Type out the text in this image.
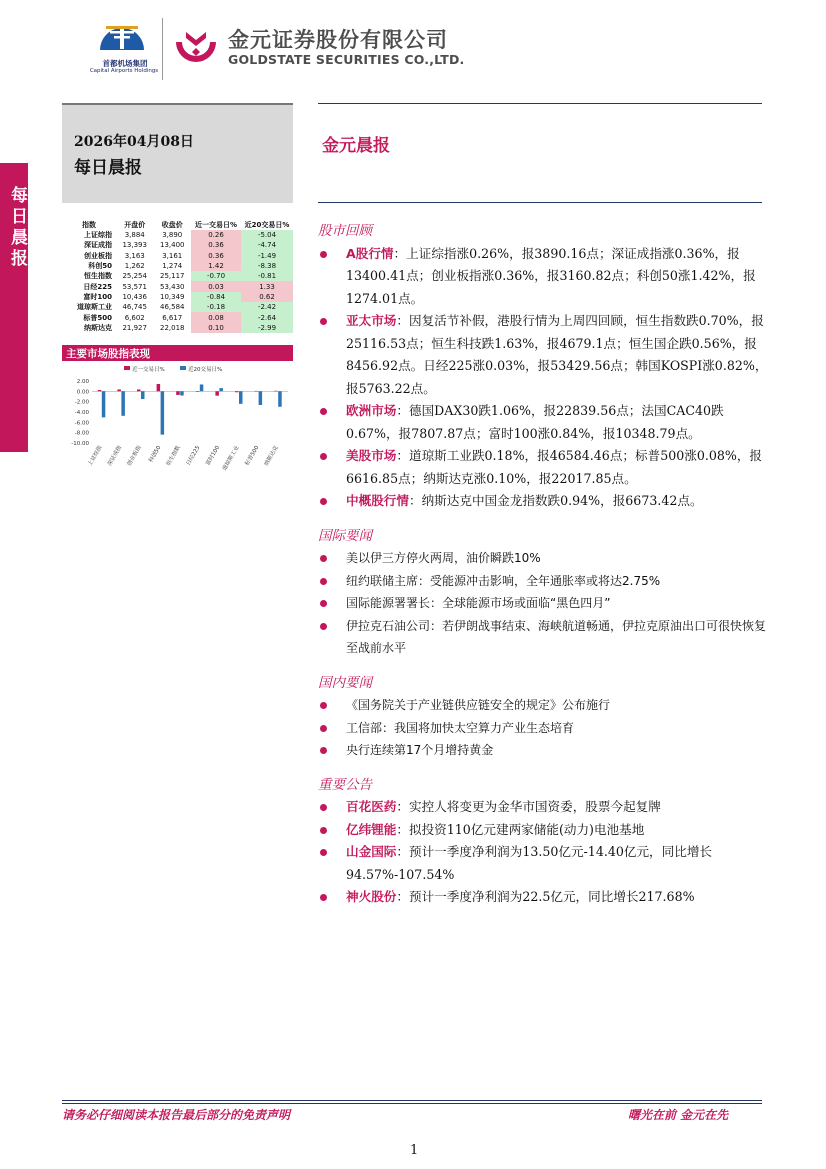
每日晨报
首都机场集团
Capital Airports Holdings
金元证券股份有限公司
GOLDSTATE SECURITIES CO.,LTD.
2026年04月08日
每日晨报
金元晨报
指数	开盘价	收盘价	近一交易日%	近20交易日%
上证综指	3,884	3,890	0.26	-5.04
深证成指	13,393	13,400	0.36	-4.74
创业板指	3,163	3,161	0.36	-1.49
科创50	1,262	1,274	1.42	-8.38
恒生指数	25,254	25,117	-0.70	-0.81
日经225	53,571	53,430	0.03	1.33
富时100	10,436	10,349	-0.84	0.62
道琼斯工业	46,745	46,584	-0.18	-2.42
标普500	6,602	6,617	0.08	-2.64
纳斯达克	21,927	22,018	0.10	-2.99
主要市场股指表现
近一交易日%	近20交易日%
2.00
0.00
-2.00
-4.00
-6.00
-8.00
-10.00
上证综指 深证成指 创业板指 科创50 恒生指数 日经225 富时100 道琼斯工业 标普500 纳斯达克
股市回顾
A股行情：上证综指涨0.26%，报3890.16点；深证成指涨0.36%，报13400.41点；创业板指涨0.36%，报3160.82点；科创50涨1.42%，报1274.01点。
亚太市场：因复活节补假，港股行情为上周四回顾，恒生指数跌0.70%，报25116.53点；恒生科技跌1.63%，报4679.1点；恒生国企跌0.56%，报8456.92点。日经225涨0.03%，报53429.56点；韩国KOSPI涨0.82%，报5763.22点。
欧洲市场：德国DAX30跌1.06%，报22839.56点；法国CAC40跌0.67%，报7807.87点；富时100涨0.84%，报10348.79点。
美股市场：道琼斯工业跌0.18%，报46584.46点；标普500涨0.08%，报6616.85点；纳斯达克涨0.10%，报22017.85点。
中概股行情：纳斯达克中国金龙指数跌0.94%，报6673.42点。
国际要闻
美以伊三方停火两周，油价瞬跌10%
纽约联储主席：受能源冲击影响，全年通胀率或将达2.75%
国际能源署署长：全球能源市场或面临“黑色四月”
伊拉克石油公司：若伊朗战事结束、海峡航道畅通，伊拉克原油出口可很快恢复至战前水平
国内要闻
《国务院关于产业链供应链安全的规定》公布施行
工信部：我国将加快太空算力产业生态培育
央行连续第17个月增持黄金
重要公告
百花医药：实控人将变更为金华市国资委，股票今起复牌
亿纬锂能：拟投资110亿元建两家储能(动力)电池基地
山金国际：预计一季度净利润为13.50亿元-14.40亿元，同比增长94.57%-107.54%
神火股份：预计一季度净利润为22.5亿元，同比增长217.68%
请务必仔细阅读本报告最后部分的免责声明	曙光在前 金元在先
1
